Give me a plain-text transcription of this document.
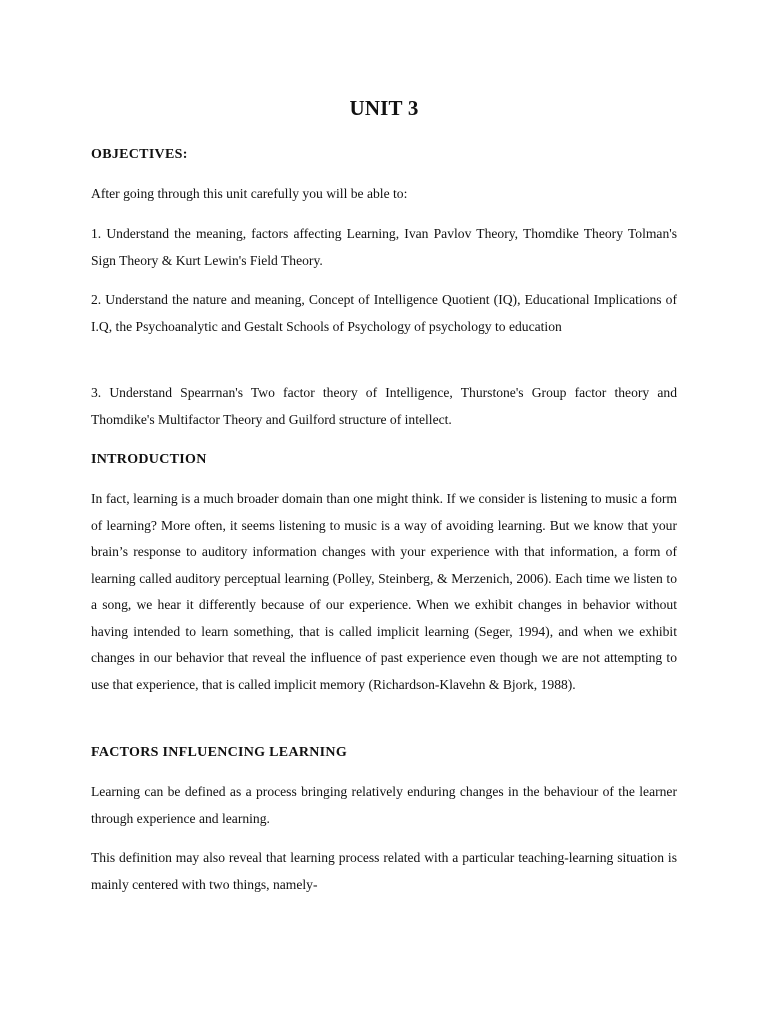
UNIT 3
OBJECTIVES:

After going through this unit carefully you will be able to:

1. Understand the meaning, factors affecting Learning, Ivan Pavlov Theory, Thomdike Theory Tolman's Sign Theory & Kurt Lewin's Field Theory.

2. Understand the nature and meaning, Concept of Intelligence Quotient (IQ), Educational Implications of I.Q, the Psychoanalytic and Gestalt Schools of Psychology of psychology to education

3. Understand Spearrnan's Two factor theory of Intelligence, Thurstone's Group factor theory and Thomdike's Multifactor Theory and Guilford structure of intellect.

INTRODUCTION

In fact, learning is a much broader domain than one might think. If we consider is listening to music a form of learning? More often, it seems listening to music is a way of avoiding learning. But we know that your brain’s response to auditory information changes with your experience with that information, a form of learning called auditory perceptual learning (Polley, Steinberg, & Merzenich, 2006). Each time we listen to a song, we hear it differently because of our experience. When we exhibit changes in behavior without having intended to learn something, that is called implicit learning (Seger, 1994), and when we exhibit changes in our behavior that reveal the influence of past experience even though we are not attempting to use that experience, that is called implicit memory (Richardson-Klavehn & Bjork, 1988).

FACTORS INFLUENCING LEARNING

Learning can be defined as a process bringing relatively enduring changes in the behaviour of the learner through experience and learning.

This definition may also reveal that learning process related with a particular teaching-learning situation is mainly centered with two things, namely-
